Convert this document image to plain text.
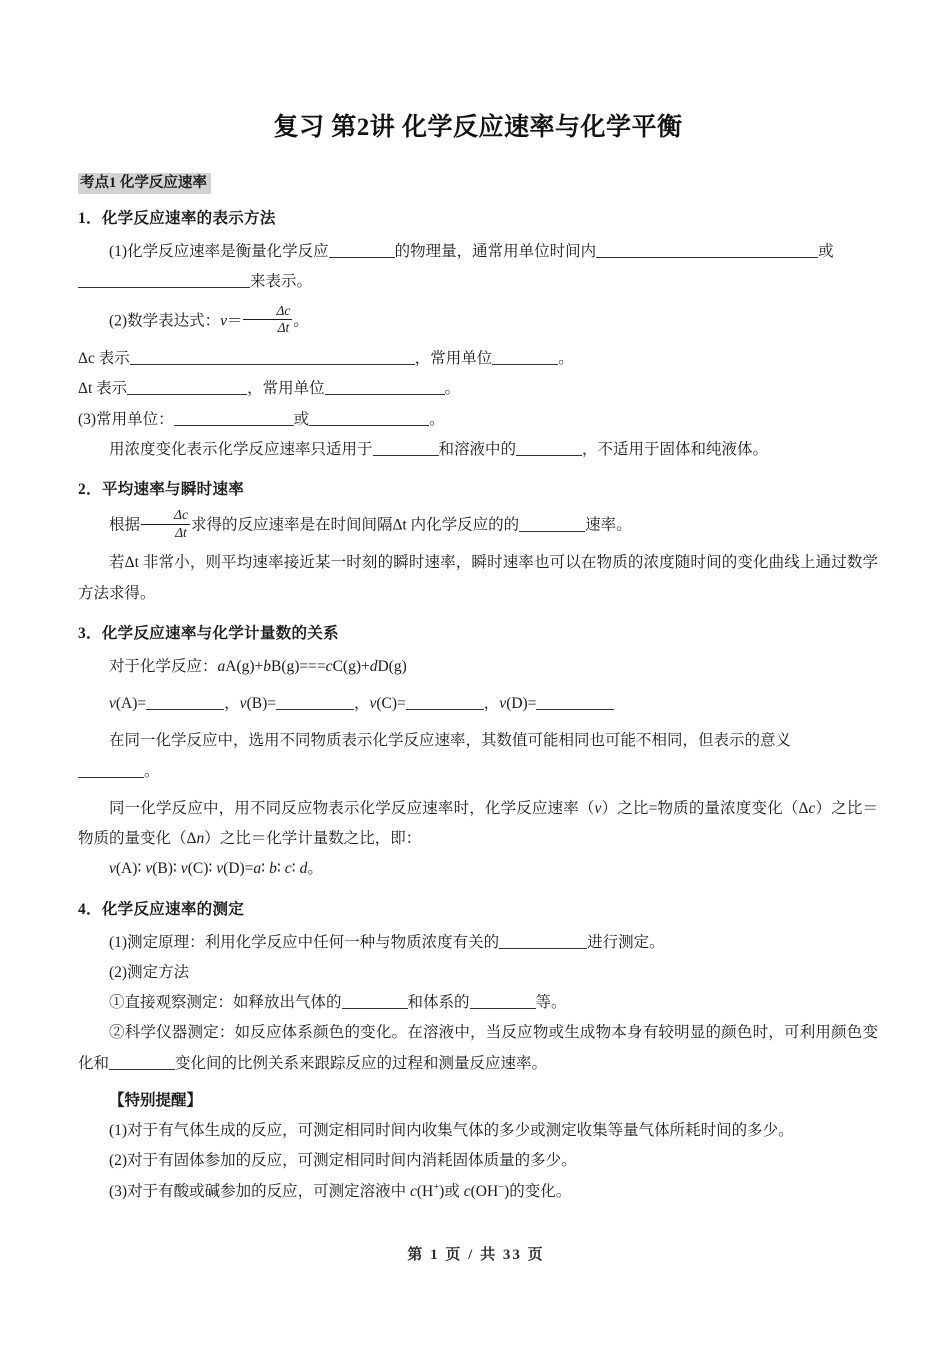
复习 第2讲 化学反应速率与化学平衡
考点1 化学反应速率
1．化学反应速率的表示方法

(1)化学反应速率是衡量化学反应	的物理量，通常用单位时间内	或

来表示。

(2)数学表达式：$v= \frac{\Delta c}{\Delta t}$ 。

Δc 表示	，常用单位	。

Δt 表示	，常用单位	。

(3)常用单位：	或	。

用浓度变化表示化学反应速率只适用于	和溶液中的	，不适用于固体和纯液体。

2．平均速率与瞬时速率

根据 $\frac{\Delta c}{\Delta t}$ 求得的反应速率是在时间间隔Δt 内化学反应的的	速率。

若Δt 非常小，则平均速率接近某一时刻的瞬时速率，瞬时速率也可以在物质的浓度随时间的变化曲线上通过数学方法求得。

3．化学反应速率与化学计量数的关系

对于化学反应：aA(g)+bB(g)===cC(g)+dD(g)

v(A)=	，v(B)=	，v(C)=	，v(D)=

在同一化学反应中，选用不同物质表示化学反应速率，其数值可能相同也可能不相同，但表示的意义

。

同一化学反应中，用不同反应物表示化学反应速率时，化学反应速率（v）之比=物质的量浓度变化（Δc）之比＝物质的量变化（Δn）之比＝化学计量数之比，即：

v(A)∶ v(B)∶ v(C)∶ v(D)=a∶ b∶ c∶ d。

4．化学反应速率的测定

(1)测定原理：利用化学反应中任何一种与物质浓度有关的	进行测定。

(2)测定方法

①直接观察测定：如释放出气体的	和体系的	等。

②科学仪器测定：如反应体系颜色的变化。在溶液中，当反应物或生成物本身有较明显的颜色时，可利用颜色变化和	变化间的比例关系来跟踪反应的过程和测量反应速率。

【特别提醒】

(1)对于有气体生成的反应，可测定相同时间内收集气体的多少或测定收集等量气体所耗时间的多少。

(2)对于有固体参加的反应，可测定相同时间内消耗固体质量的多少。

(3)对于有酸或碱参加的反应，可测定溶液中 c(H+)或 c(OH−)的变化。

第 1 页 / 共 33 页
